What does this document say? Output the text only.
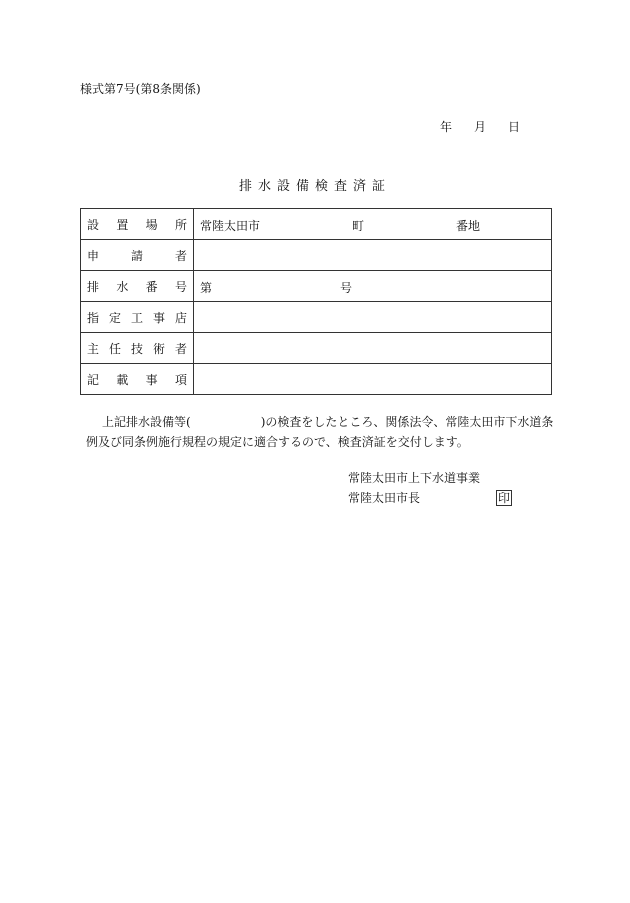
様式第7号(第8条関係)
年 月 日
排水設備検査済証
設 置 場 所	常陸太田市 町 番地

申 請 者	

排 水 番 号	第 号

指 定 工 事 店	

主 任 技 術 者	

記 載 事 項	

上記排水設備等(	)の検査をしたところ、関係法令、常陸太田市下水道条
例及び同条例施行規程の規定に適合するので、検査済証を交付します。
常陸太田市上下水道事業
常陸太田市長	印
